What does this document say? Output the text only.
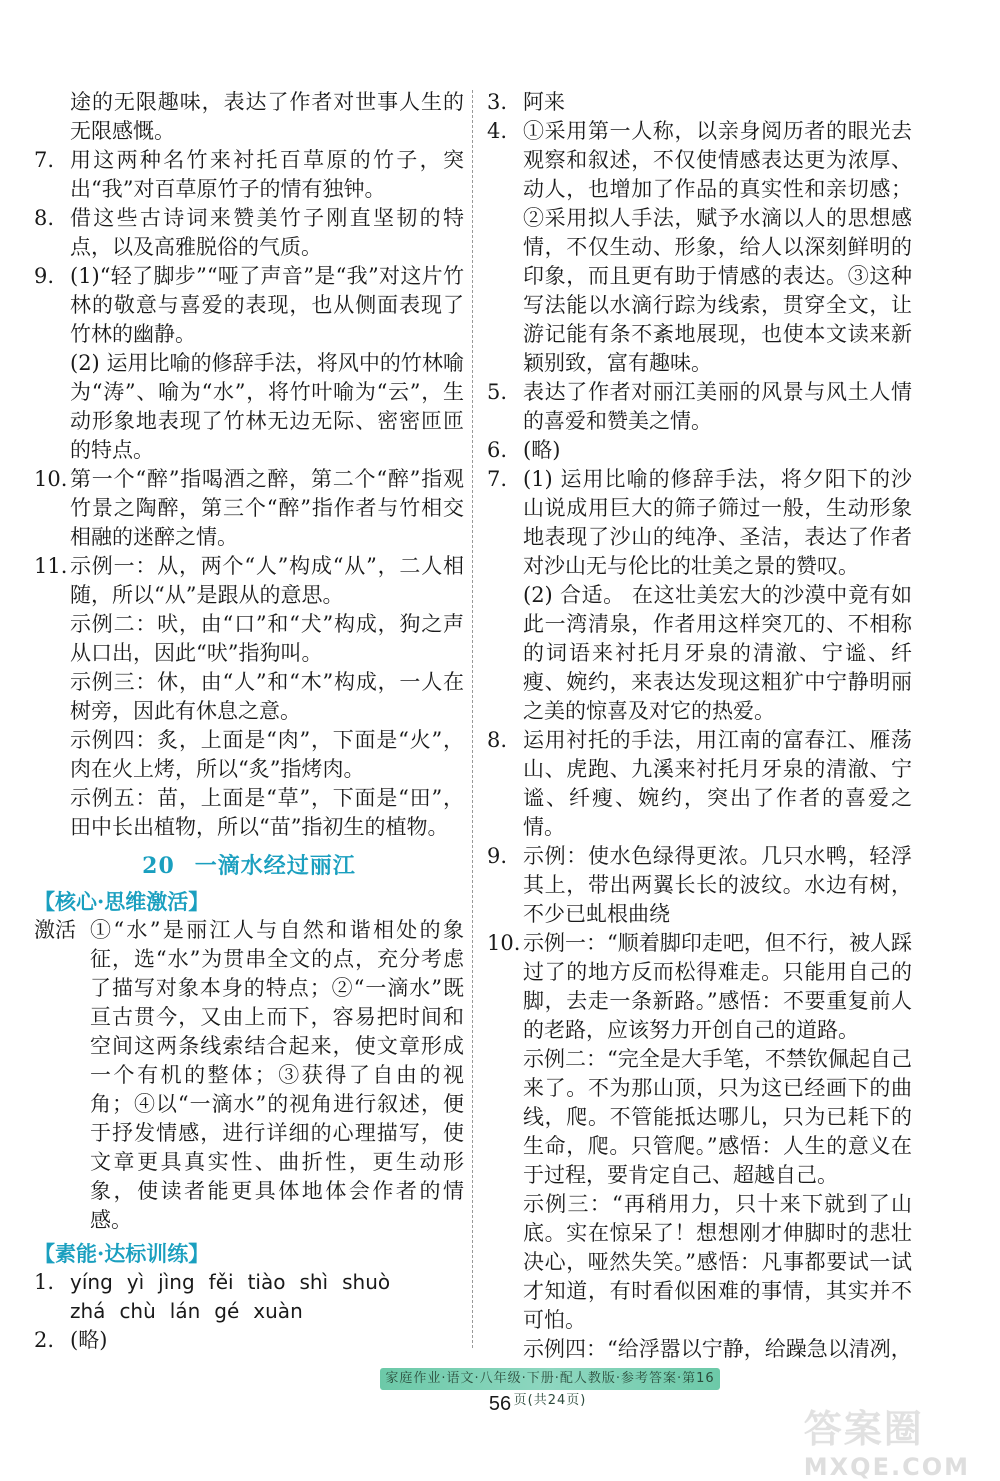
途的无限趣味，表达了作者对世事人生的无限感慨。

7. 用这两种名竹来衬托百草原的竹子，突出“我”对百草原竹子的情有独钟。
8. 借这些古诗词来赞美竹子刚直坚韧的特点，以及高雅脱俗的气质。
9. (1)“轻了脚步”“哑了声音”是“我”对这片竹林的敬意与喜爱的表现，也从侧面表现了竹林的幽静。

(2) 运用比喻的修辞手法，将风中的竹林喻为“涛”、喻为“水”，将竹叶喻为“云”，生动形象地表现了竹林无边无际、密密匝匝的特点。

10. 第一个“醉”指喝酒之醉，第二个“醉”指观竹景之陶醉，第三个“醉”指作者与竹相交相融的迷醉之情。
11. 示例一：从，两个“人”构成“从”，二人相随，所以“从”是跟从的意思。

示例二：吠，由“口”和“犬”构成，狗之声从口出，因此“吠”指狗叫。

示例三：休，由“人”和“木”构成，一人在树旁，因此有休息之意。

示例四：炙，上面是“肉”，下面是“火”，肉在火上烤，所以“炙”指烤肉。

示例五：苗，上面是“草”，下面是“田”，田中长出植物，所以“苗”指初生的植物。

20 一滴水经过丽江

【核心·思维激活】

激活 ①“水”是丽江人与自然和谐相处的象征，选“水”为贯串全文的点，充分考虑了描写对象本身的特点；②“一滴水”既亘古贯今，又由上而下，容易把时间和空间这两条线索结合起来，使文章形成一个有机的整体；③获得了自由的视角；④以“一滴水”的视角进行叙述，便于抒发情感，进行详细的心理描写，使文章更具真实性、曲折性，更生动形象，使读者能更具体地体会作者的情感。

【素能·达标训练】

1. yíng yì jìng fěi tiào shì shuò
zhá chù lán gé xuàn
2. (略)
3. 阿来
4. ①采用第一人称，以亲身阅历者的眼光去观察和叙述，不仅使情感表达更为浓厚、动人，也增加了作品的真实性和亲切感；②采用拟人手法，赋予水滴以人的思想感情，不仅生动、形象，给人以深刻鲜明的印象，而且更有助于情感的表达。③这种写法能以水滴行踪为线索，贯穿全文，让游记能有条不紊地展现，也使本文读来新颖别致，富有趣味。
5. 表达了作者对丽江美丽的风景与风土人情的喜爱和赞美之情。
6. (略)
7. (1) 运用比喻的修辞手法，将夕阳下的沙山说成用巨大的筛子筛过一般，生动形象地表现了沙山的纯净、圣洁，表达了作者对沙山无与伦比的壮美之景的赞叹。

(2) 合适。 在这壮美宏大的沙漠中竟有如此一湾清泉，作者用这样突兀的、不相称的词语来衬托月牙泉的清澈、宁谧、纤瘦、婉约，来表达发现这粗犷中宁静明丽之美的惊喜及对它的热爱。

8. 运用衬托的手法，用江南的富春江、雁荡山、虎跑、九溪来衬托月牙泉的清澈、宁谧、纤瘦、婉约，突出了作者的喜爱之情。
9. 示例：使水色绿得更浓。几只水鸭，轻浮其上，带出两翼长长的波纹。水边有树，不少已虬根曲绕
10. 示例一：“顺着脚印走吧，但不行，被人踩过了的地方反而松得难走。只能用自己的脚，去走一条新路。”感悟：不要重复前人的老路，应该努力开创自己的道路。

示例二：“完全是大手笔，不禁钦佩起自己来了。不为那山顶，只为这已经画下的曲线，爬。不管能抵达哪儿，只为已耗下的生命，爬。只管爬。”感悟：人生的意义在于过程，要肯定自己、超越自己。

示例三：“再稍用力，只十来下就到了山底。实在惊呆了！想想刚才伸脚时的悲壮决心，哑然失笑。”感悟：凡事都要试一试才知道，有时看似困难的事情，其实并不可怕。

示例四：“给浮嚣以宁静，给躁急以清冽，

家庭作业·语文·八年级·下册·配人教版·参考答案·第16页(共24页)
56
答案圈
MXQE.COM
